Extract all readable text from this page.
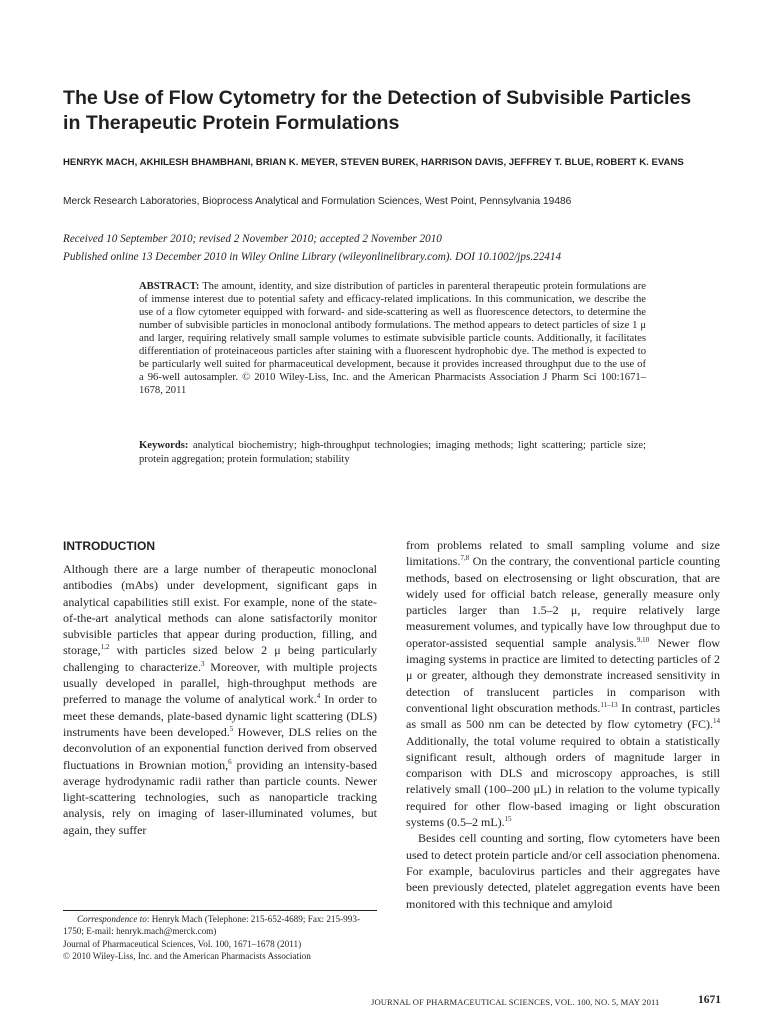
The Use of Flow Cytometry for the Detection of Subvisible Particles in Therapeutic Protein Formulations
HENRYK MACH, AKHILESH BHAMBHANI, BRIAN K. MEYER, STEVEN BUREK, HARRISON DAVIS, JEFFREY T. BLUE, ROBERT K. EVANS
Merck Research Laboratories, Bioprocess Analytical and Formulation Sciences, West Point, Pennsylvania 19486
Received 10 September 2010; revised 2 November 2010; accepted 2 November 2010
Published online 13 December 2010 in Wiley Online Library (wileyonlinelibrary.com). DOI 10.1002/jps.22414
ABSTRACT: The amount, identity, and size distribution of particles in parenteral therapeutic protein formulations are of immense interest due to potential safety and efficacy-related implications. In this communication, we describe the use of a flow cytometer equipped with forward- and side-scattering as well as fluorescence detectors, to determine the number of subvisible particles in monoclonal antibody formulations. The method appears to detect particles of size 1 μ and larger, requiring relatively small sample volumes to estimate subvisible particle counts. Additionally, it facilitates differentiation of proteinaceous particles after staining with a fluorescent hydrophobic dye. The method is expected to be particularly well suited for pharmaceutical development, because it provides increased throughput due to the use of a 96-well autosampler. © 2010 Wiley-Liss, Inc. and the American Pharmacists Association J Pharm Sci 100:1671–1678, 2011
Keywords: analytical biochemistry; high-throughput technologies; imaging methods; light scattering; particle size; protein aggregation; protein formulation; stability
INTRODUCTION

Although there are a large number of therapeutic monoclonal antibodies (mAbs) under development, significant gaps in analytical capabilities still exist. For example, none of the state-of-the-art analytical methods can alone satisfactorily monitor subvisible particles that appear during production, filling, and storage,$^{1,2}$ with particles sized below 2 μ being particularly challenging to characterize.$^3$ Moreover, with multiple projects usually developed in parallel, high-throughput methods are preferred to manage the volume of analytical work.$^4$ In order to meet these demands, plate-based dynamic light scattering (DLS) instruments have been developed.$^5$ However, DLS relies on the deconvolution of an exponential function derived from observed fluctuations in Brownian motion,$^6$ providing an intensity-based average hydrodynamic radii rather than particle counts. Newer light-scattering technologies, such as nanoparticle tracking analysis, rely on imaging of laser-illuminated volumes, but again, they suffer

from problems related to small sampling volume and size limitations.$^{7,8}$ On the contrary, the conventional particle counting methods, based on electrosensing or light obscuration, that are widely used for official batch release, generally measure only particles larger than 1.5–2 μ, require relatively large measurement volumes, and typically have low throughput due to operator-assisted sequential sample analysis.$^{9,10}$ Newer flow imaging systems in practice are limited to detecting particles of 2 μ or greater, although they demonstrate increased sensitivity in detection of translucent particles in comparison with conventional light obscuration methods.$^{11-13}$ In contrast, particles as small as 500 nm can be detected by flow cytometry (FC).$^{14}$ Additionally, the total volume required to obtain a statistically significant result, although orders of magnitude larger in comparison with DLS and microscopy approaches, is still relatively small (100–200 μL) in relation to the volume typically required for other flow-based imaging or light obscuration systems (0.5–2 mL).$^{15}$

Besides cell counting and sorting, flow cytometers have been used to detect protein particle and/or cell association phenomena. For example, baculovirus particles and their aggregates have been previously detected, platelet aggregation events have been monitored with this technique and amyloid

Correspondence to: Henryk Mach (Telephone: 215-652-4689; Fax: 215-993-1750; E-mail: henryk.mach@merck.com)
Journal of Pharmaceutical Sciences, Vol. 100, 1671–1678 (2011)
© 2010 Wiley-Liss, Inc. and the American Pharmacists Association
JOURNAL OF PHARMACEUTICAL SCIENCES, VOL. 100, NO. 5, MAY 2011	1671
